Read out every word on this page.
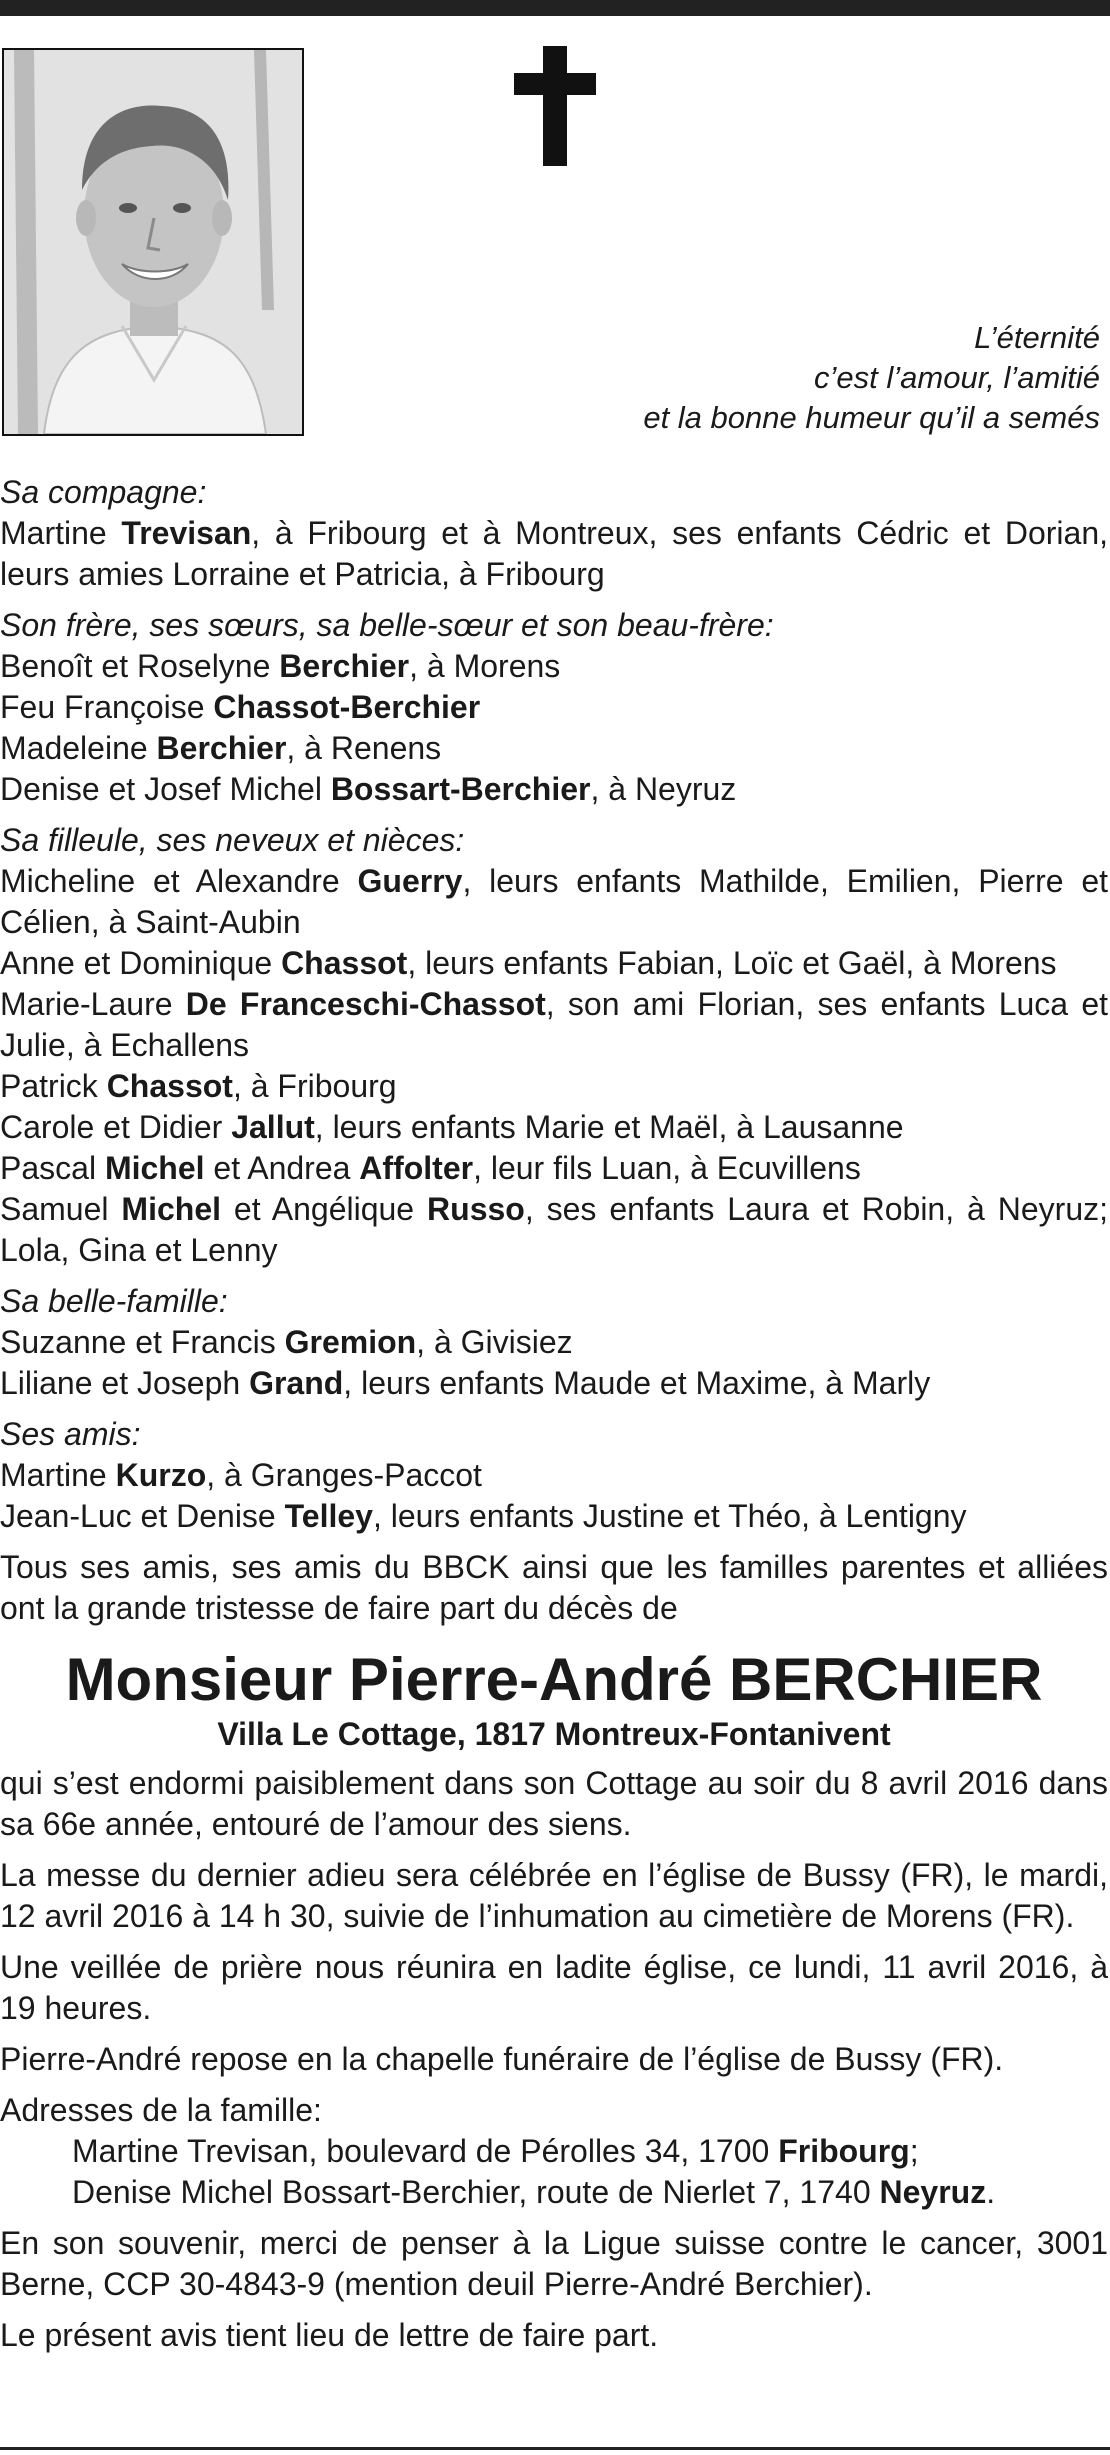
L’éternité
c’est l’amour, l’amitié
et la bonne humeur qu’il a semés
Sa compagne:
Martine Trevisan, à Fribourg et à Montreux, ses enfants Cédric et Dorian, leurs amies Lorraine et Patricia, à Fribourg
Son frère, ses sœurs, sa belle-sœur et son beau-frère:
Benoît et Roselyne Berchier, à Morens
Feu Françoise Chassot-Berchier
Madeleine Berchier, à Renens
Denise et Josef Michel Bossart-Berchier, à Neyruz
Sa filleule, ses neveux et nièces:
Micheline et Alexandre Guerry, leurs enfants Mathilde, Emilien, Pierre et Célien, à Saint-Aubin
Anne et Dominique Chassot, leurs enfants Fabian, Loïc et Gaël, à Morens
Marie-Laure De Franceschi-Chassot, son ami Florian, ses enfants Luca et Julie, à Echallens
Patrick Chassot, à Fribourg
Carole et Didier Jallut, leurs enfants Marie et Maël, à Lausanne
Pascal Michel et Andrea Affolter, leur fils Luan, à Ecuvillens
Samuel Michel et Angélique Russo, ses enfants Laura et Robin, à Neyruz; Lola, Gina et Lenny
Sa belle-famille:
Suzanne et Francis Gremion, à Givisiez
Liliane et Joseph Grand, leurs enfants Maude et Maxime, à Marly
Ses amis:
Martine Kurzo, à Granges-Paccot
Jean-Luc et Denise Telley, leurs enfants Justine et Théo, à Lentigny
Tous ses amis, ses amis du BBCK ainsi que les familles parentes et alliées ont la grande tristesse de faire part du décès de
Monsieur Pierre-André BERCHIER
Villa Le Cottage, 1817 Montreux-Fontanivent
qui s’est endormi paisiblement dans son Cottage au soir du 8 avril 2016 dans sa 66e année, entouré de l’amour des siens.
La messe du dernier adieu sera célébrée en l’église de Bussy (FR), le mardi, 12 avril 2016 à 14 h 30, suivie de l’inhumation au cimetière de Morens (FR).
Une veillée de prière nous réunira en ladite église, ce lundi, 11 avril 2016, à 19 heures.
Pierre-André repose en la chapelle funéraire de l’église de Bussy (FR).
Adresses de la famille:
Martine Trevisan, boulevard de Pérolles 34, 1700 Fribourg;
Denise Michel Bossart-Berchier, route de Nierlet 7, 1740 Neyruz.
En son souvenir, merci de penser à la Ligue suisse contre le cancer, 3001 Berne, CCP 30-4843-9 (mention deuil Pierre-André Berchier).
Le présent avis tient lieu de lettre de faire part.
